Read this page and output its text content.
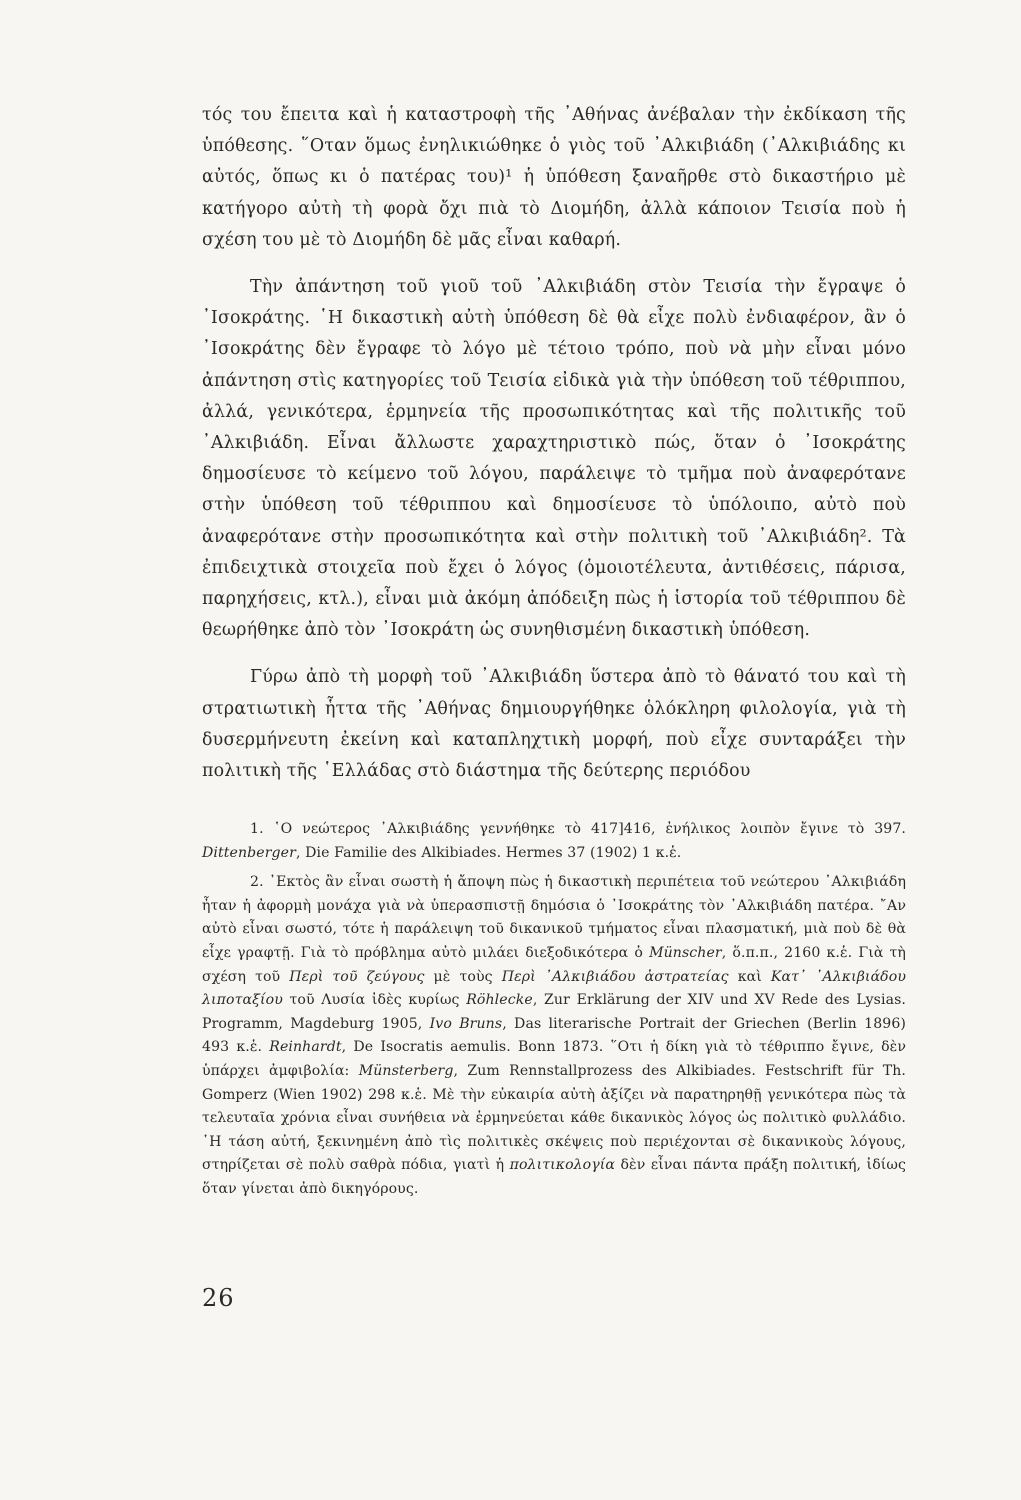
τός του ἔπειτα καὶ ἡ καταστροφὴ τῆς ᾿Αθήνας ἀνέβαλαν τὴν ἐκδίκαση τῆς ὑπόθεσης. ῞Οταν ὅμως ἐνηλικιώθηκε ὁ γιὸς τοῦ ᾿Αλκιβιάδη (᾿Αλκιβιάδης κι αὐτός, ὅπως κι ὁ πατέρας του)¹ ἡ ὑπόθεση ξαναῆρθε στὸ δικαστήριο μὲ κατήγορο αὐτὴ τὴ φορὰ ὄχι πιὰ τὸ Διομήδη, ἀλλὰ κάποιον Τεισία ποὺ ἡ σχέση του μὲ τὸ Διομήδη δὲ μᾶς εἶναι καθαρή.

Τὴν ἀπάντηση τοῦ γιοῦ τοῦ ᾿Αλκιβιάδη στὸν Τεισία τὴν ἔγραψε ὁ ᾿Ισοκράτης. ῾Η δικαστικὴ αὐτὴ ὑπόθεση δὲ θὰ εἶχε πολὺ ἐνδιαφέρον, ἂν ὁ ᾿Ισοκράτης δὲν ἔγραφε τὸ λόγο μὲ τέτοιο τρόπο, ποὺ νὰ μὴν εἶναι μόνο ἀπάντηση στὶς κατηγορίες τοῦ Τεισία εἰδικὰ γιὰ τὴν ὑπόθεση τοῦ τέθριππου, ἀλλά, γενικότερα, ἑρμηνεία τῆς προσωπικότητας καὶ τῆς πολιτικῆς τοῦ ᾿Αλκιβιάδη. Εἶναι ἄλλωστε χαραχτηριστικὸ πώς, ὅταν ὁ ᾿Ισοκράτης δημοσίευσε τὸ κείμενο τοῦ λόγου, παράλειψε τὸ τμῆμα ποὺ ἀναφερότανε στὴν ὑπόθεση τοῦ τέθριππου καὶ δημοσίευσε τὸ ὑπόλοιπο, αὐτὸ ποὺ ἀναφερότανε στὴν προσωπικότητα καὶ στὴν πολιτικὴ τοῦ ᾿Αλκιβιάδη². Τὰ ἐπιδειχτικὰ στοιχεῖα ποὺ ἔχει ὁ λόγος (ὁμοιοτέλευτα, ἀντιθέσεις, πάρισα, παρηχήσεις, κτλ.), εἶναι μιὰ ἀκόμη ἀπόδειξη πὼς ἡ ἱστορία τοῦ τέθριππου δὲ θεωρήθηκε ἀπὸ τὸν ᾿Ισοκράτη ὡς συνηθισμένη δικαστικὴ ὑπόθεση.

Γύρω ἀπὸ τὴ μορφὴ τοῦ ᾿Αλκιβιάδη ὕστερα ἀπὸ τὸ θάνατό του καὶ τὴ στρατιωτικὴ ἧττα τῆς ᾿Αθήνας δημιουργήθηκε ὁλόκληρη φιλολογία, γιὰ τὴ δυσερμήνευτη ἐκείνη καὶ καταπληχτικὴ μορφή, ποὺ εἶχε συνταράξει τὴν πολιτικὴ τῆς ῾Ελλάδας στὸ διάστημα τῆς δεύτερης περιόδου

1. ῾Ο νεώτερος ᾿Αλκιβιάδης γεννήθηκε τὸ 417]416, ἐνήλικος λοιπὸν ἔγινε τὸ 397. Dittenberger, Die Familie des Alkibiades. Hermes 37 (1902) 1 κ.ἑ.

2. ᾿Εκτὸς ἂν εἶναι σωστὴ ἡ ἄποψη πὼς ἡ δικαστικὴ περιπέτεια τοῦ νεώτερου ᾿Αλκιβιάδη ἦταν ἡ ἀφορμὴ μονάχα γιὰ νὰ ὑπερασπιστῇ δημόσια ὁ ᾿Ισοκράτης τὸν ᾿Αλκιβιάδη πατέρα. ῎Αν αὐτὸ εἶναι σωστό, τότε ἡ παράλειψη τοῦ δικανικοῦ τμήματος εἶναι πλασματική, μιὰ ποὺ δὲ θὰ εἶχε γραφτῇ. Γιὰ τὸ πρόβλημα αὐτὸ μιλάει διεξοδικότερα ὁ Münscher, ὅ.π.π., 2160 κ.ἑ. Γιὰ τὴ σχέση τοῦ Περὶ τοῦ ζεύγους μὲ τοὺς Περὶ ᾿Αλκιβιάδου ἀστρατείας καὶ Κατ᾿ ᾿Αλκιβιάδου λιποταξίου τοῦ Λυσία ἰδὲς κυρίως Röhlecke, Zur Erklärung der XIV und XV Rede des Lysias. Programm, Magdeburg 1905, Ivo Bruns, Das literarische Portrait der Griechen (Berlin 1896) 493 κ.ἑ. Reinhardt, De Isocratis aemulis. Bonn 1873. ῞Οτι ἡ δίκη γιὰ τὸ τέθριππο ἔγινε, δὲν ὑπάρχει ἀμφιβολία: Münsterberg, Zum Rennstallprozess des Alkibiades. Festschrift für Th. Gomperz (Wien 1902) 298 κ.ἑ. Μὲ τὴν εὐκαιρία αὐτὴ ἀξίζει νὰ παρατηρηθῇ γενικότερα πὼς τὰ τελευταῖα χρόνια εἶναι συνήθεια νὰ ἑρμηνεύεται κάθε δικανικὸς λόγος ὡς πολιτικὸ φυλλάδιο. ῾Η τάση αὐτή, ξεκινημένη ἀπὸ τὶς πολιτικὲς σκέψεις ποὺ περιέχονται σὲ δικανικοὺς λόγους, στηρίζεται σὲ πολὺ σαθρὰ πόδια, γιατὶ ἡ πολιτικολογία δὲν εἶναι πάντα πράξη πολιτική, ἰδίως ὅταν γίνεται ἀπὸ δικηγόρους.

26
